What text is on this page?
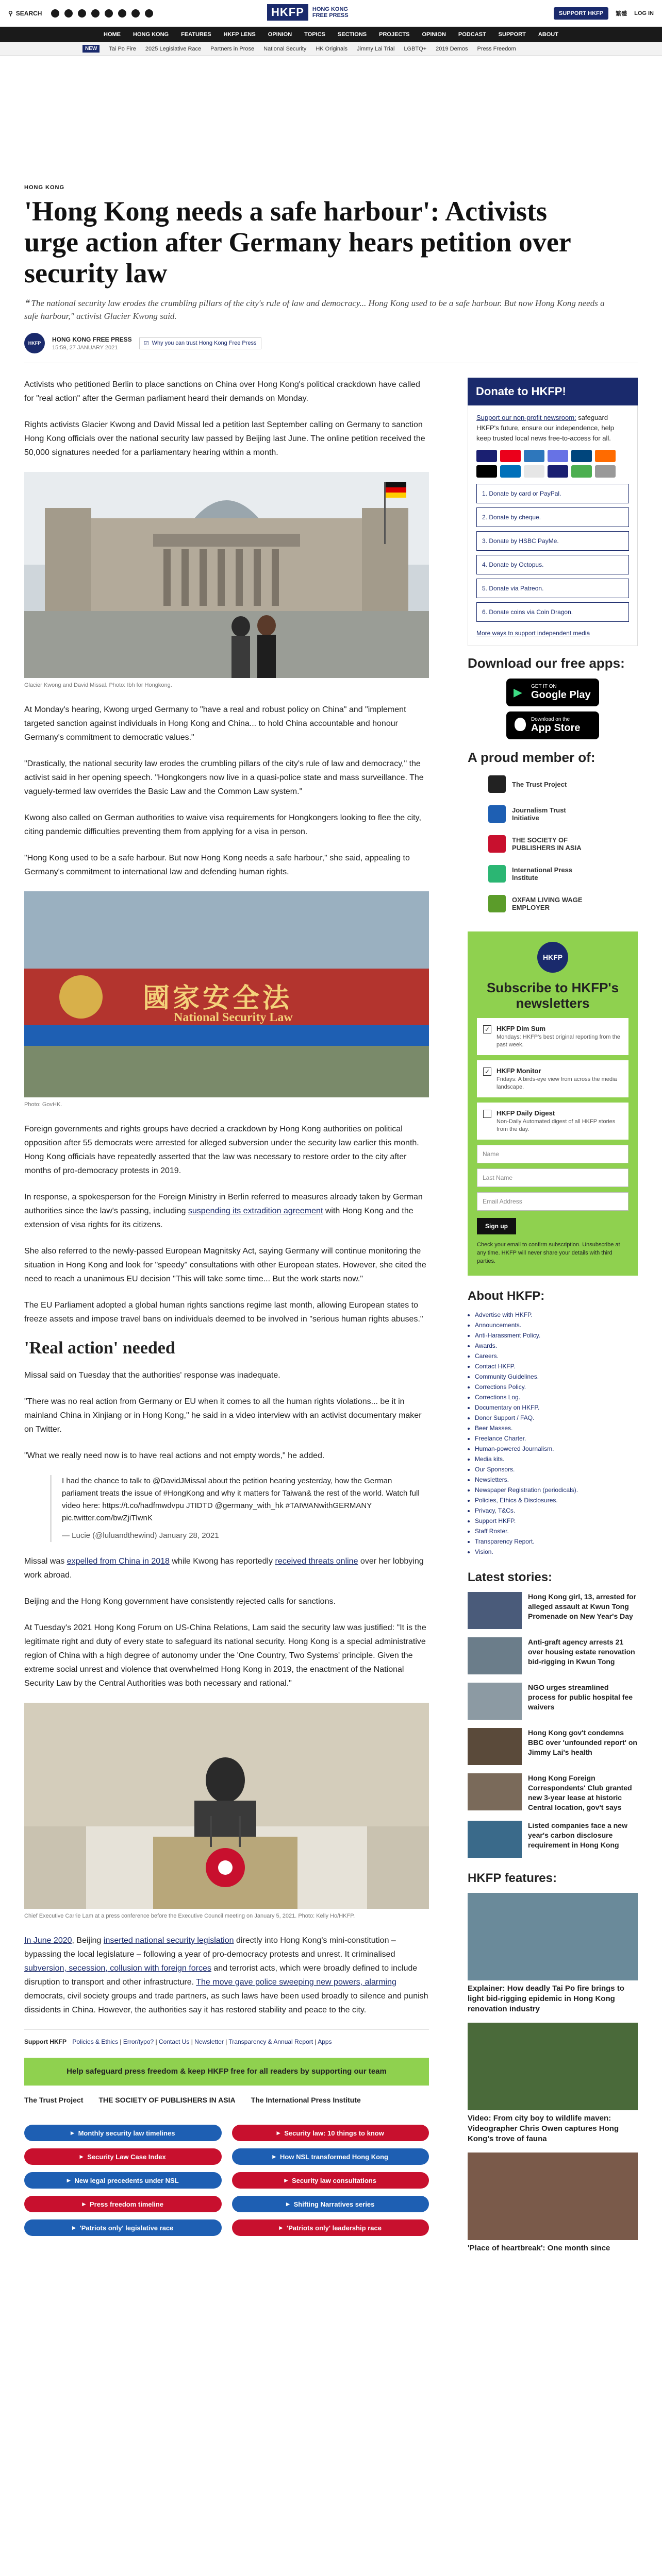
⚲ SEARCH	HKFP	HONG KONG
FREE PRESS	SUPPORT HKFP	繁體 LOG IN
HOME HONG KONG FEATURES HKFP LENS OPINION TOPICS SECTIONS PROJECTS OPINION PODCAST SUPPORT ABOUT
NEW	Tai Po Fire 2025 Legislative Race Partners in Prose National Security HK Originals Jimmy Lai Trial LGBTQ+ 2019 Demos Press Freedom
HONG KONG
'Hong Kong needs a safe harbour': Activists urge action after Germany hears petition over security law
❝ The national security law erodes the crumbling pillars of the city's rule of law and democracy... Hong Kong used to be a safe harbour. But now Hong Kong needs a safe harbour," activist Glacier Kwong said.
HKFP
HONG KONG FREE PRESS
15:59, 27 JANUARY 2021
☑ Why you can trust Hong Kong Free Press

Activists who petitioned Berlin to place sanctions on China over Hong Kong's political crackdown have called for "real action" after the German parliament heard their demands on Monday.

Rights activists Glacier Kwong and David Missal led a petition last September calling on Germany to sanction Hong Kong officials over the national security law passed by Beijing last June. The online petition received the 50,000 signatures needed for a parliamentary hearing within a month.

Glacier Kwong and David Missal. Photo: Ibh for Hongkong.

At Monday's hearing, Kwong urged Germany to "have a real and robust policy on China" and "implement targeted sanction against individuals in Hong Kong and China... to hold China accountable and honour Germany's commitment to democratic values."

"Drastically, the national security law erodes the crumbling pillars of the city's rule of law and democracy," the activist said in her opening speech. "Hongkongers now live in a quasi-police state and mass surveillance. The vaguely-termed law overrides the Basic Law and the Common Law system."

Kwong also called on German authorities to waive visa requirements for Hongkongers looking to flee the city, citing pandemic difficulties preventing them from applying for a visa in person.

"Hong Kong used to be a safe harbour. But now Hong Kong needs a safe harbour," she said, appealing to Germany's commitment to international law and defending human rights.

國家安全法
National Security Law
Photo: GovHK.

Foreign governments and rights groups have decried a crackdown by Hong Kong authorities on political opposition after 55 democrats were arrested for alleged subversion under the security law earlier this month. Hong Kong officials have repeatedly asserted that the law was necessary to restore order to the city after months of pro-democracy protests in 2019.

In response, a spokesperson for the Foreign Ministry in Berlin referred to measures already taken by German authorities since the law's passing, including suspending its extradition agreement with Hong Kong and the extension of visa rights for its citizens.

She also referred to the newly-passed European Magnitsky Act, saying Germany will continue monitoring the situation in Hong Kong and look for "speedy" consultations with other European states. However, she cited the need to reach a unanimous EU decision "This will take some time... But the work starts now."

The EU Parliament adopted a global human rights sanctions regime last month, allowing European states to freeze assets and impose travel bans on individuals deemed to be involved in "serious human rights abuses."

'Real action' needed

Missal said on Tuesday that the authorities' response was inadequate.

"There was no real action from Germany or EU when it comes to all the human rights violations... be it in mainland China in Xinjiang or in Hong Kong," he said in a video interview with an activist documentary maker on Twitter.

"What we really need now is to have real actions and not empty words," he added.

I had the chance to talk to @DavidJMissal about the petition hearing yesterday, how the German parliament treats the issue of #HongKong and why it matters for Taiwan& the rest of the world. Watch full video here: https://t.co/hadfmwdvpu JTIDTD @germany_with_hk #TAIWANwithGERMANY pic.twitter.com/bwZjiTlwnK
— Lucie (@luluandthewind) January 28, 2021

Missal was expelled from China in 2018 while Kwong has reportedly received threats online over her lobbying work abroad.

Beijing and the Hong Kong government have consistently rejected calls for sanctions.

At Tuesday's 2021 Hong Kong Forum on US-China Relations, Lam said the security law was justified: "It is the legitimate right and duty of every state to safeguard its national security. Hong Kong is a special administrative region of China with a high degree of autonomy under the 'One Country, Two Systems' principle. Given the extreme social unrest and violence that overwhelmed Hong Kong in 2019, the enactment of the National Security Law by the Central Authorities was both necessary and rational."

Chief Executive Carrie Lam at a press conference before the Executive Council meeting on January 5, 2021. Photo: Kelly Ho/HKFP.

In June 2020, Beijing inserted national security legislation directly into Hong Kong's mini-constitution – bypassing the local legislature – following a year of pro-democracy protests and unrest. It criminalised subversion, secession, collusion with foreign forces and terrorist acts, which were broadly defined to include disruption to transport and other infrastructure. The move gave police sweeping new powers, alarming democrats, civil society groups and trade partners, as such laws have been used broadly to silence and punish dissidents in China. However, the authorities say it has restored stability and peace to the city.

Support HKFP Policies & Ethics | Error/typo? | Contact Us | Newsletter | Transparency & Annual Report | Apps
Help safeguard press freedom & keep HKFP free for all readers by supporting our team
The Trust Project THE SOCIETY OF PUBLISHERS IN ASIA The International Press Institute
▸ Monthly security law timelines	▸ Security law: 10 things to know
▸ Security Law Case Index	▸ How NSL transformed Hong Kong
▸ New legal precedents under NSL	▸ Security law consultations
▸ Press freedom timeline	▸ Shifting Narratives series
▸ 'Patriots only' legislative race	▸ 'Patriots only' leadership race
Donate to HKFP!
Support our non-profit newsroom: safeguard HKFP's future, ensure our independence, help keep trusted local news free-to-access for all.
1. Donate by card or PayPal.
2. Donate by cheque.
3. Donate by HSBC PayMe.
4. Donate by Octopus.
5. Donate via Patreon.
6. Donate coins via Coin Dragon.
More ways to support independent media
Download our free apps:
▶ GET IT ON
Google Play
Download on the
App Store
A proud member of:
The Trust Project
Journalism Trust Initiative
THE SOCIETY OF PUBLISHERS IN ASIA
International Press Institute
OXFAM LIVING WAGE EMPLOYER
HKFP
Subscribe to HKFP's newsletters
✓ HKFP Dim Sum
Mondays: HKFP's best original reporting from the past week.
✓ HKFP Monitor
Fridays: A birds-eye view from across the media landscape.
HKFP Daily Digest
Non-Daily Automated digest of all HKFP stories from the day.
Name
Last Name
Email Address
Sign up
Check your email to confirm subscription. Unsubscribe at any time. HKFP will never share your details with third parties.
About HKFP:
• Advertise with HKFP.
• Announcements.
• Anti-Harassment Policy.
• Awards.
• Careers.
• Contact HKFP.
• Community Guidelines.
• Corrections Policy.
• Corrections Log.
• Documentary on HKFP.
• Donor Support / FAQ.
• Beer Masses.
• Freelance Charter.
• Human-powered Journalism.
• Media kits.
• Our Sponsors.
• Newsletters.
• Newspaper Registration (periodicals).
• Policies, Ethics & Disclosures.
• Privacy, T&Cs.
• Support HKFP.
• Staff Roster.
• Transparency Report.
• Vision.
Latest stories:
Hong Kong girl, 13, arrested for alleged assault at Kwun Tong Promenade on New Year's Day
Anti-graft agency arrests 21 over housing estate renovation bid-rigging in Kwun Tong
NGO urges streamlined process for public hospital fee waivers
Hong Kong gov't condemns BBC over 'unfounded report' on Jimmy Lai's health
Hong Kong Foreign Correspondents' Club granted new 3-year lease at historic Central location, gov't says
Listed companies face a new year's carbon disclosure requirement in Hong Kong
HKFP features:
Explainer: How deadly Tai Po fire brings to light bid-rigging epidemic in Hong Kong renovation industry
Video: From city boy to wildlife maven: Videographer Chris Owen captures Hong Kong's trove of fauna
'Place of heartbreak': One month since
